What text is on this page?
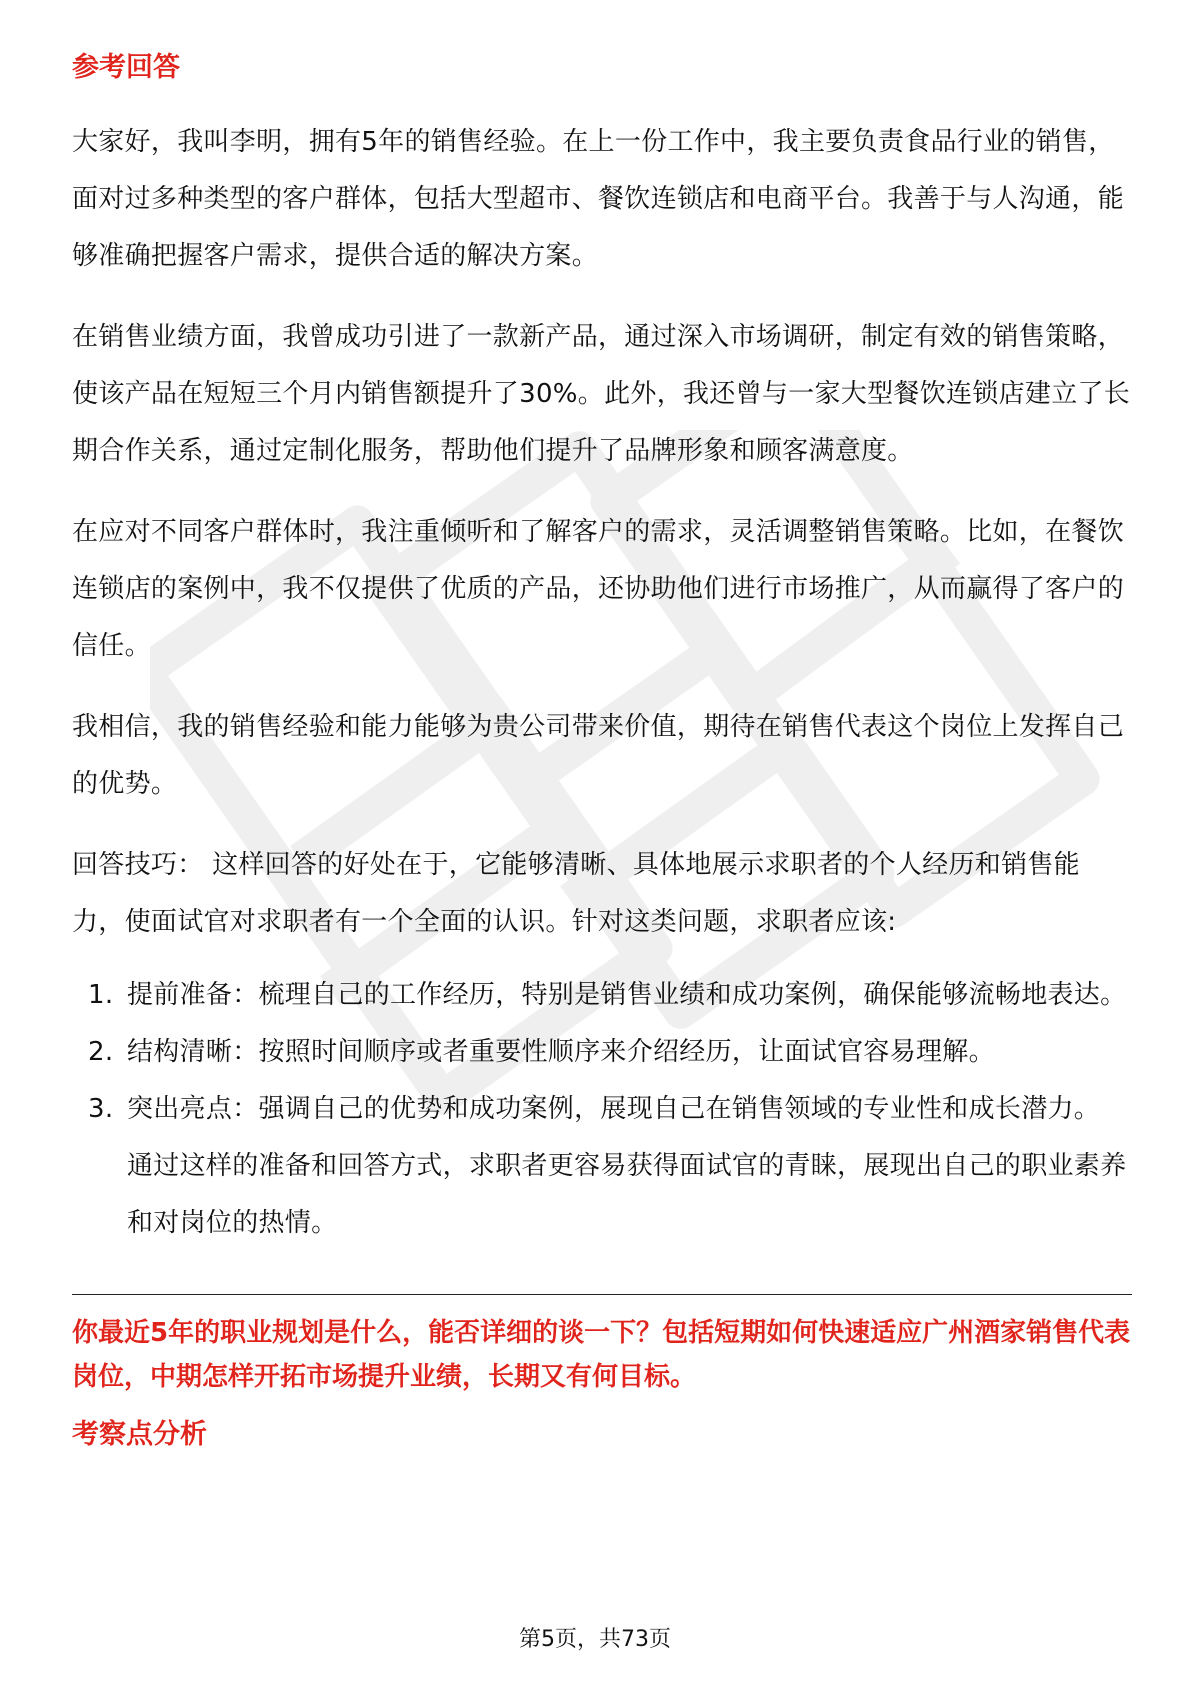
参考回答

大家好，我叫李明，拥有5年的销售经验。在上一份工作中，我主要负责食品行业的销售，面对过多种类型的客户群体，包括大型超市、餐饮连锁店和电商平台。我善于与人沟通，能够准确把握客户需求，提供合适的解决方案。

在销售业绩方面，我曾成功引进了一款新产品，通过深入市场调研，制定有效的销售策略，使该产品在短短三个月内销售额提升了30%。此外，我还曾与一家大型餐饮连锁店建立了长期合作关系，通过定制化服务，帮助他们提升了品牌形象和顾客满意度。

在应对不同客户群体时，我注重倾听和了解客户的需求，灵活调整销售策略。比如，在餐饮连锁店的案例中，我不仅提供了优质的产品，还协助他们进行市场推广，从而赢得了客户的信任。

我相信，我的销售经验和能力能够为贵公司带来价值，期待在销售代表这个岗位上发挥自己的优势。

回答技巧： 这样回答的好处在于，它能够清晰、具体地展示求职者的个人经历和销售能力，使面试官对求职者有一个全面的认识。针对这类问题，求职者应该:

1. 提前准备：梳理自己的工作经历，特别是销售业绩和成功案例，确保能够流畅地表达。
2. 结构清晰：按照时间顺序或者重要性顺序来介绍经历，让面试官容易理解。
3. 突出亮点：强调自己的优势和成功案例，展现自己在销售领域的专业性和成长潜力。 通过这样的准备和回答方式，求职者更容易获得面试官的青睐，展现出自己的职业素养和对岗位的热情。

你最近5年的职业规划是什么，能否详细的谈一下？包括短期如何快速适应广州酒家销售代表岗位，中期怎样开拓市场提升业绩，长期又有何目标。

考察点分析
第5页，共73页
